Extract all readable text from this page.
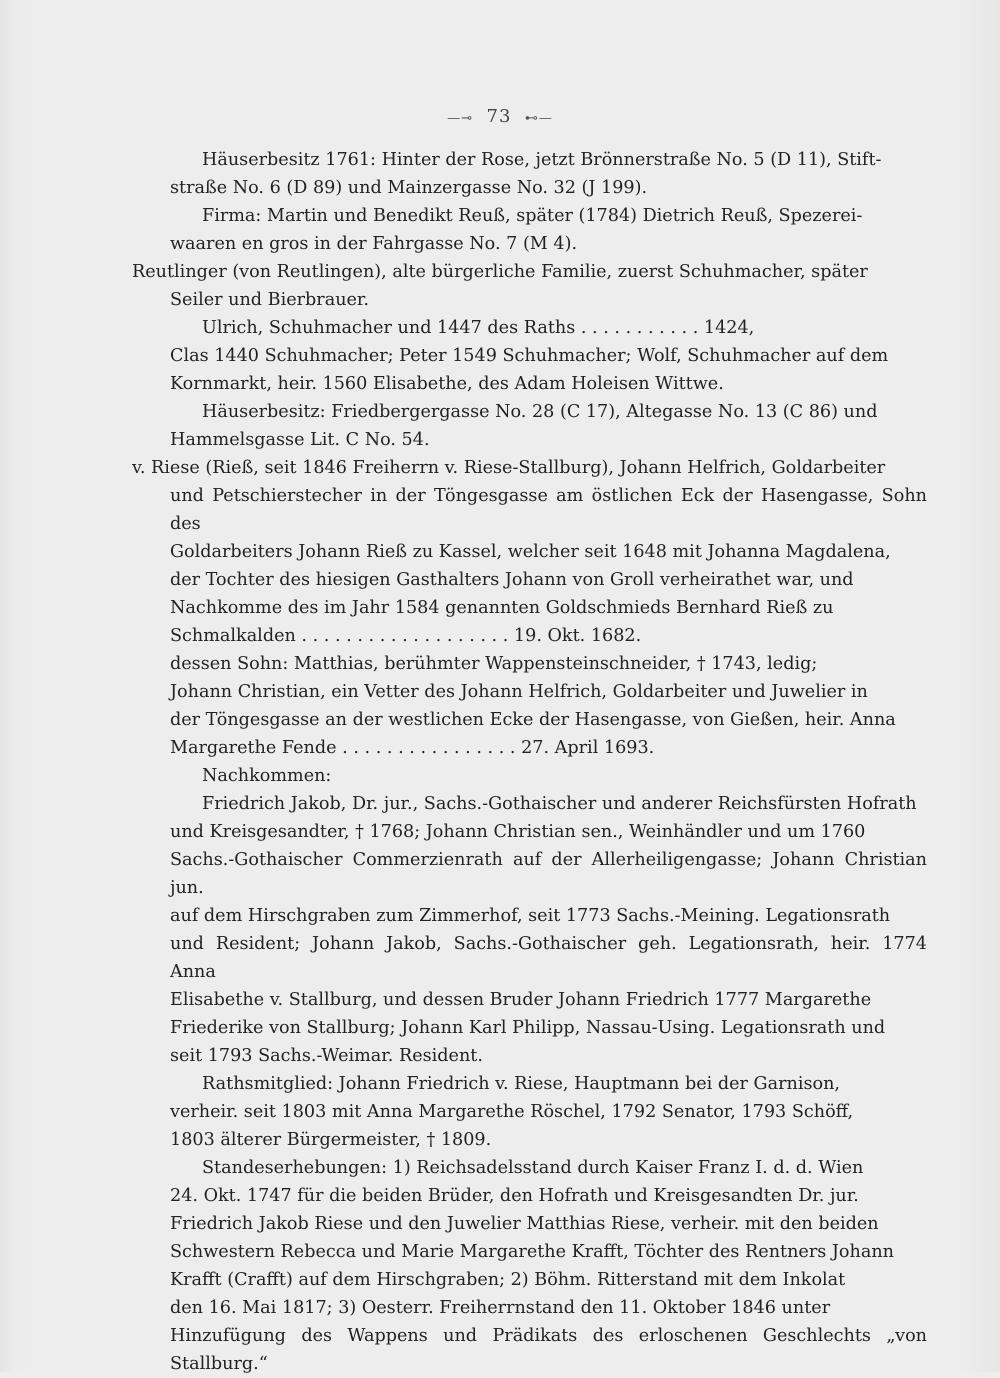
—⊸ 73 ⊷—
Häuserbesitz 1761: Hinter der Rose, jetzt Brönnerstraße No. 5 (D 11), Stift-
straße No. 6 (D 89) und Mainzergasse No. 32 (J 199).
Firma: Martin und Benedikt Reuß, später (1784) Dietrich Reuß, Spezerei-
waaren en gros in der Fahrgasse No. 7 (M 4).
Reutlinger (von Reutlingen), alte bürgerliche Familie, zuerst Schuhmacher, später
Seiler und Bierbrauer.
Ulrich, Schuhmacher und 1447 des Raths . . . . . . . . . . . 1424,
Clas 1440 Schuhmacher; Peter 1549 Schuhmacher; Wolf, Schuhmacher auf dem
Kornmarkt, heir. 1560 Elisabethe, des Adam Holeisen Wittwe.
Häuserbesitz: Friedbergergasse No. 28 (C 17), Altegasse No. 13 (C 86) und
Hammelsgasse Lit. C No. 54.
v. Riese (Rieß, seit 1846 Freiherrn v. Riese-Stallburg), Johann Helfrich, Goldarbeiter
und Petschierstecher in der Töngesgasse am östlichen Eck der Hasengasse, Sohn des
Goldarbeiters Johann Rieß zu Kassel, welcher seit 1648 mit Johanna Magdalena,
der Tochter des hiesigen Gasthalters Johann von Groll verheirathet war, und
Nachkomme des im Jahr 1584 genannten Goldschmieds Bernhard Rieß zu
Schmalkalden . . . . . . . . . . . . . . . . . . . 19. Okt. 1682.
dessen Sohn: Matthias, berühmter Wappensteinschneider, † 1743, ledig;
Johann Christian, ein Vetter des Johann Helfrich, Goldarbeiter und Juwelier in
der Töngesgasse an der westlichen Ecke der Hasengasse, von Gießen, heir. Anna
Margarethe Fende . . . . . . . . . . . . . . . . 27. April 1693.
Nachkommen:
Friedrich Jakob, Dr. jur., Sachs.-Gothaischer und anderer Reichsfürsten Hofrath
und Kreisgesandter, † 1768; Johann Christian sen., Weinhändler und um 1760
Sachs.-Gothaischer Commerzienrath auf der Allerheiligengasse; Johann Christian jun.
auf dem Hirschgraben zum Zimmerhof, seit 1773 Sachs.-Meining. Legationsrath
und Resident; Johann Jakob, Sachs.-Gothaischer geh. Legationsrath, heir. 1774 Anna
Elisabethe v. Stallburg, und dessen Bruder Johann Friedrich 1777 Margarethe
Friederike von Stallburg; Johann Karl Philipp, Nassau-Using. Legationsrath und
seit 1793 Sachs.-Weimar. Resident.
Rathsmitglied: Johann Friedrich v. Riese, Hauptmann bei der Garnison,
verheir. seit 1803 mit Anna Margarethe Röschel, 1792 Senator, 1793 Schöff,
1803 älterer Bürgermeister, † 1809.
Standeserhebungen: 1) Reichsadelsstand durch Kaiser Franz I. d. d. Wien
24. Okt. 1747 für die beiden Brüder, den Hofrath und Kreisgesandten Dr. jur.
Friedrich Jakob Riese und den Juwelier Matthias Riese, verheir. mit den beiden
Schwestern Rebecca und Marie Margarethe Krafft, Töchter des Rentners Johann
Krafft (Crafft) auf dem Hirschgraben; 2) Böhm. Ritterstand mit dem Inkolat
den 16. Mai 1817; 3) Oesterr. Freiherrnstand den 11. Oktober 1846 unter
Hinzufügung des Wappens und Prädikats des erloschenen Geschlechts „von Stallburg.“
